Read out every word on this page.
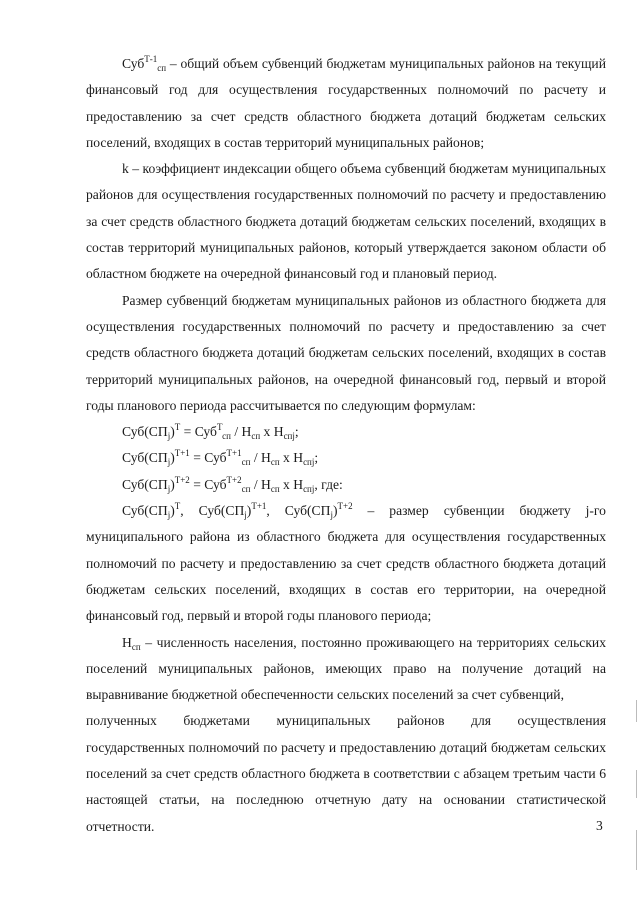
Суб$^{Т-1}_{сп}$ – общий объем субвенций бюджетам муниципальных районов на текущий финансовый год для осуществления государственных полномочий по расчету и предоставлению за счет средств областного бюджета дотаций бюджетам сельских поселений, входящих в состав территорий муниципальных районов;

k – коэффициент индексации общего объема субвенций бюджетам муниципальных районов для осуществления государственных полномочий по расчету и предоставлению за счет средств областного бюджета дотаций бюджетам сельских поселений, входящих в состав территорий муниципальных районов, который утверждается законом области об областном бюджете на очередной финансовый год и плановый период.

Размер субвенций бюджетам муниципальных районов из областного бюджета для осуществления государственных полномочий по расчету и предоставлению за счет средств областного бюджета дотаций бюджетам сельских поселений, входящих в состав территорий муниципальных районов, на очередной финансовый год, первый и второй годы планового периода рассчитывается по следующим формулам:

$Суб(СП_j)^Т = Суб^Т_{сп} / Н_{сп}$ х $Н_{спj}$;

$Суб(СП_j)^{Т+1} = Суб^{Т+1}_{сп} / Н_{сп}$ х $Н_{спj}$;

$Суб(СП_j)^{Т+2} = Суб^{Т+2}_{сп} / Н_{сп}$ х $Н_{спj}$, где:

$Суб(СП_j)^Т$, $Суб(СП_j)^{Т+1}$, $Суб(СП_j)^{Т+2}$ – размер субвенции бюджету j-го

муниципального района из областного бюджета для осуществления государственных полномочий по расчету и предоставлению за счет средств областного бюджета дотаций бюджетам сельских поселений, входящих в состав его территории, на очередной финансовый год, первый и второй годы планового периода;

$Н_{сп}$ – численность населения, постоянно проживающего на территориях сельских поселений муниципальных районов, имеющих право на получение дотаций на выравнивание бюджетной обеспеченности сельских поселений за счет субвенций,

полученных бюджетами муниципальных районов для осуществления

государственных полномочий по расчету и предоставлению дотаций бюджетам сельских поселений за счет средств областного бюджета в соответствии с абзацем третьим части 6 настоящей статьи, на последнюю отчетную дату на основании статистической отчетности.	3
